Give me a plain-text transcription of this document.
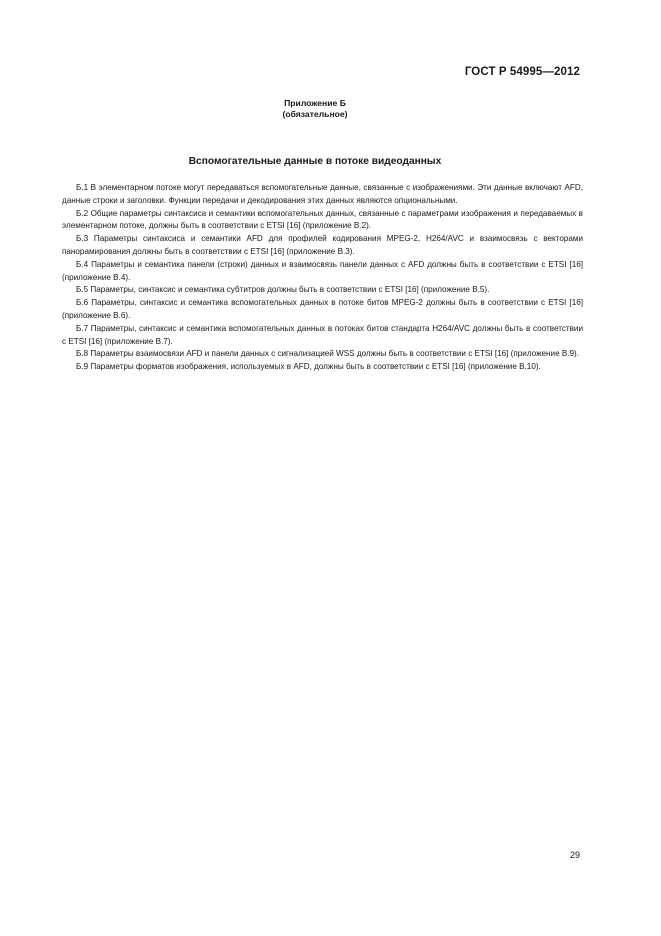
ГОСТ Р 54995—2012
Приложение Б
(обязательное)
Вспомогательные данные в потоке видеоданных

Б.1 В элементарном потоке могут передаваться вспомогательные данные, связанные с изображениями. Эти данные включают AFD, данные строки и заголовки. Функции передачи и декодирования этих данных являются опциональными.

Б.2 Общие параметры синтаксиса и семантики вспомогательных данных, связанные с параметрами изображения и передаваемых в элементарном потоке, должны быть в соответствии с ETSI [16] (приложение В.2).

Б.3 Параметры синтаксиса и семантики AFD для профилей кодирования MPEG-2, H264/AVC и взаимосвязь с векторами панорамирования должны быть в соответствии с ETSI [16] (приложение В.3).

Б.4 Параметры и семантика панели (строки) данных и взаимосвязь панели данных с AFD должны быть в соответствии с ETSI [16] (приложение В.4).

Б.5 Параметры, синтаксис и семантика субтитров должны быть в соответствии с ETSI [16] (приложение В.5).

Б.6 Параметры, синтаксис и семантика вспомогательных данных в потоке битов MPEG-2 должны быть в соответствии с ETSI [16] (приложение В.6).

Б.7 Параметры, синтаксис и семантика вспомогательных данных в потоках битов стандарта H264/AVC должны быть в соответствии с ETSI [16] (приложение В.7).

Б.8 Параметры взаимосвязи AFD и панели данных с сигнализацией WSS должны быть в соответствии с ETSI [16] (приложение В.9).

Б.9 Параметры форматов изображения, используемых в AFD, должны быть в соответствии с ETSI [16] (приложение В.10).

29
